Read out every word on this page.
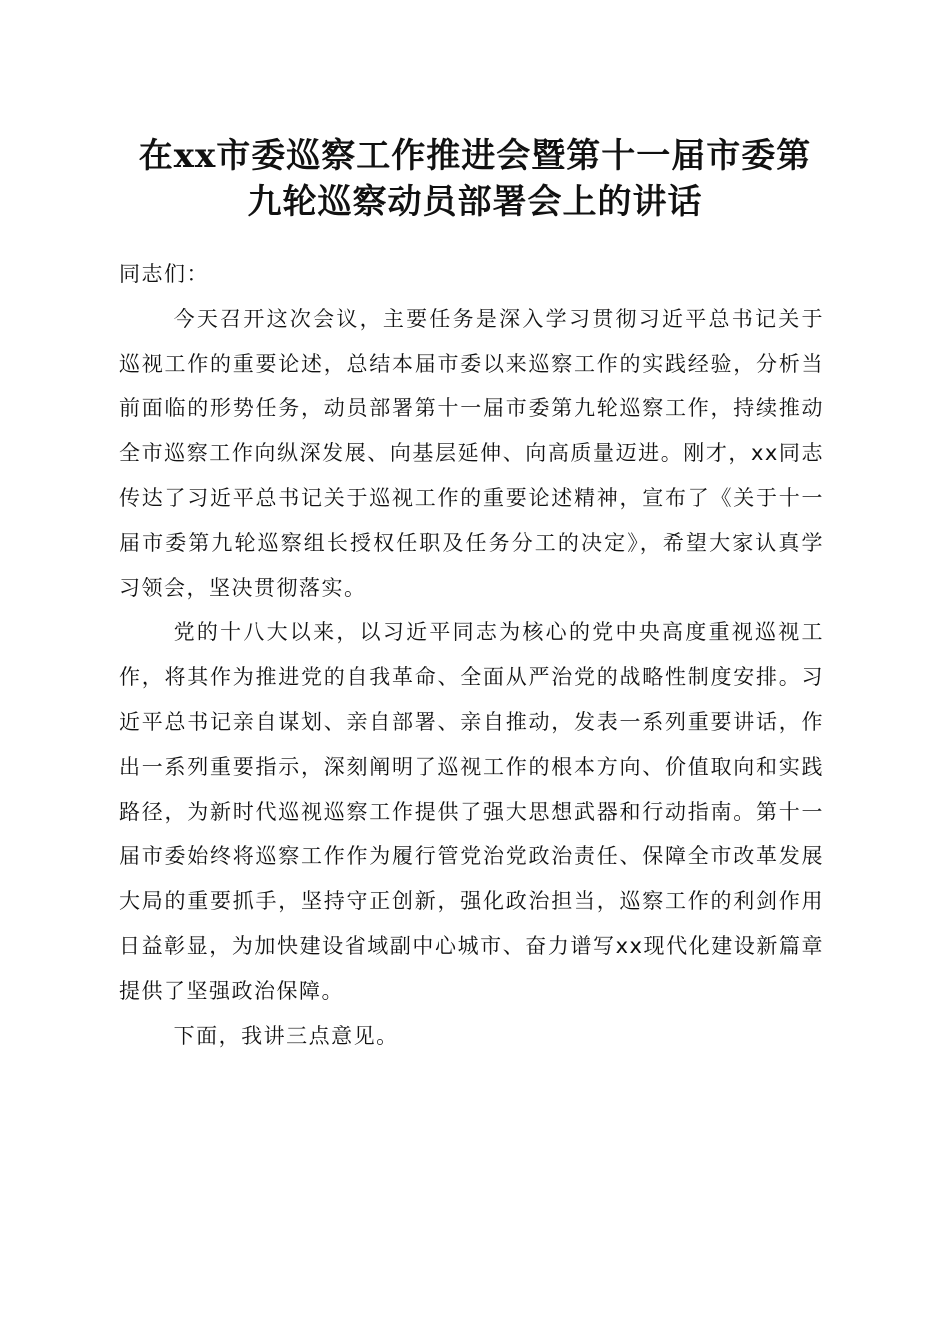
在xx市委巡察工作推进会暨第十一届市委第
九轮巡察动员部署会上的讲话

同志们：

今天召开这次会议，主要任务是深入学习贯彻习近平总书记关于巡视工作的重要论述，总结本届市委以来巡察工作的实践经验，分析当前面临的形势任务，动员部署第十一届市委第九轮巡察工作，持续推动全市巡察工作向纵深发展、向基层延伸、向高质量迈进。刚才，xx同志传达了习近平总书记关于巡视工作的重要论述精神，宣布了《关于十一届市委第九轮巡察组长授权任职及任务分工的决定》，希望大家认真学习领会，坚决贯彻落实。

党的十八大以来，以习近平同志为核心的党中央高度重视巡视工作，将其作为推进党的自我革命、全面从严治党的战略性制度安排。习近平总书记亲自谋划、亲自部署、亲自推动，发表一系列重要讲话，作出一系列重要指示，深刻阐明了巡视工作的根本方向、价值取向和实践路径，为新时代巡视巡察工作提供了强大思想武器和行动指南。第十一届市委始终将巡察工作作为履行管党治党政治责任、保障全市改革发展大局的重要抓手，坚持守正创新，强化政治担当，巡察工作的利剑作用日益彰显，为加快建设省域副中心城市、奋力谱写xx现代化建设新篇章提供了坚强政治保障。

下面，我讲三点意见。
